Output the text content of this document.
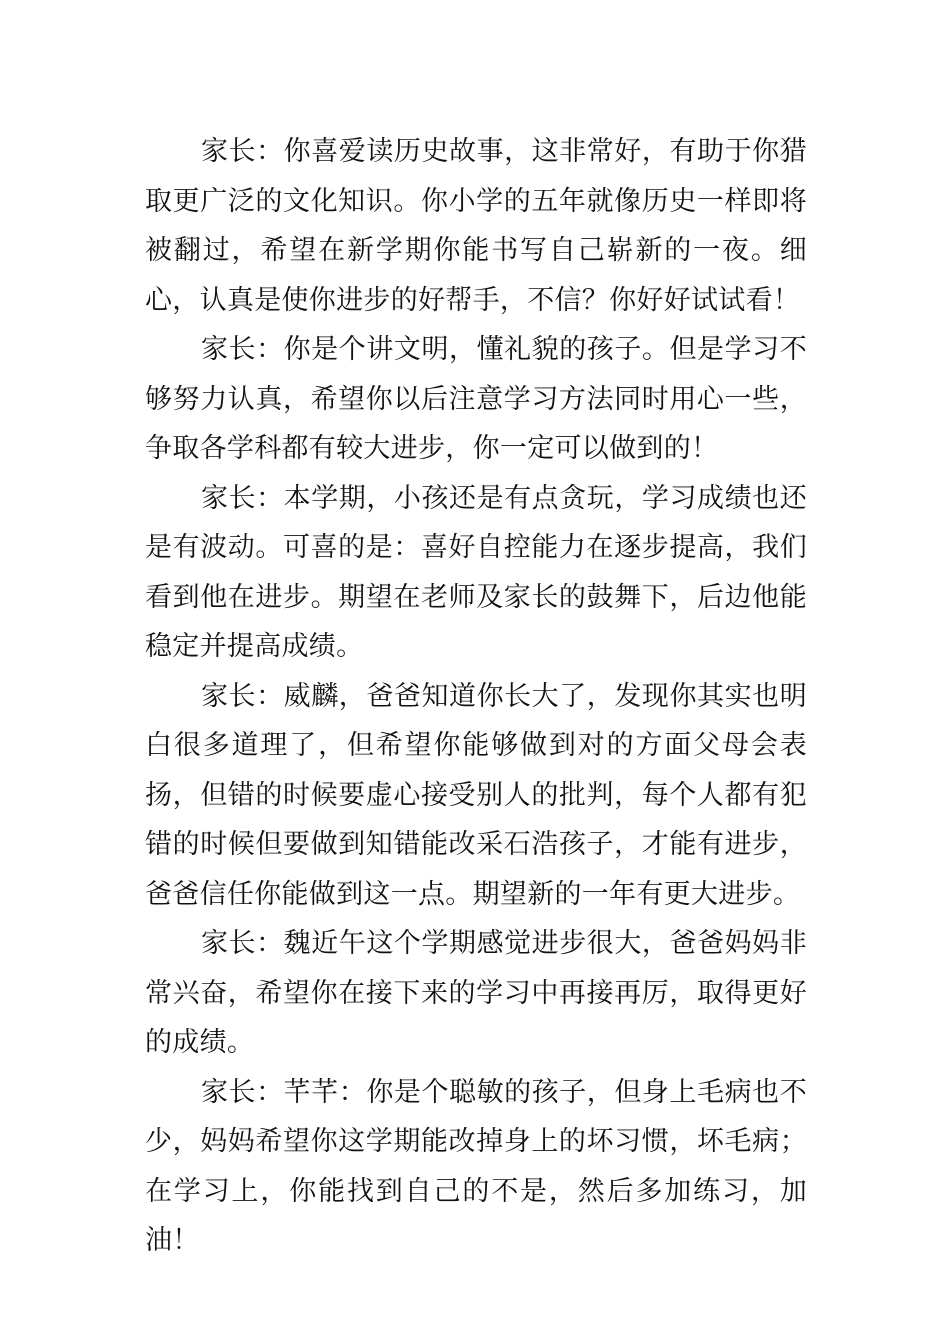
家长：你喜爱读历史故事，这非常好，有助于你猎取更广泛的文化知识。你小学的五年就像历史一样即将被翻过，希望在新学期你能书写自己崭新的一夜。细心，认真是使你进步的好帮手，不信？你好好试试看！

家长：你是个讲文明，懂礼貌的孩子。但是学习不够努力认真，希望你以后注意学习方法同时用心一些，争取各学科都有较大进步，你一定可以做到的！

家长：本学期，小孩还是有点贪玩，学习成绩也还是有波动。可喜的是：喜好自控能力在逐步提高，我们看到他在进步。期望在老师及家长的鼓舞下，后边他能稳定并提高成绩。

家长：威麟，爸爸知道你长大了，发现你其实也明白很多道理了，但希望你能够做到对的方面父母会表扬，但错的时候要虚心接受别人的批判，每个人都有犯错的时候但要做到知错能改采石浩孩子，才能有进步，爸爸信任你能做到这一点。期望新的一年有更大进步。

家长：魏近午这个学期感觉进步很大，爸爸妈妈非常兴奋，希望你在接下来的学习中再接再厉，取得更好的成绩。

家长：芊芊：你是个聪敏的孩子，但身上毛病也不少，妈妈希望你这学期能改掉身上的坏习惯，坏毛病；在学习上，你能找到自己的不是，然后多加练习，加油！
